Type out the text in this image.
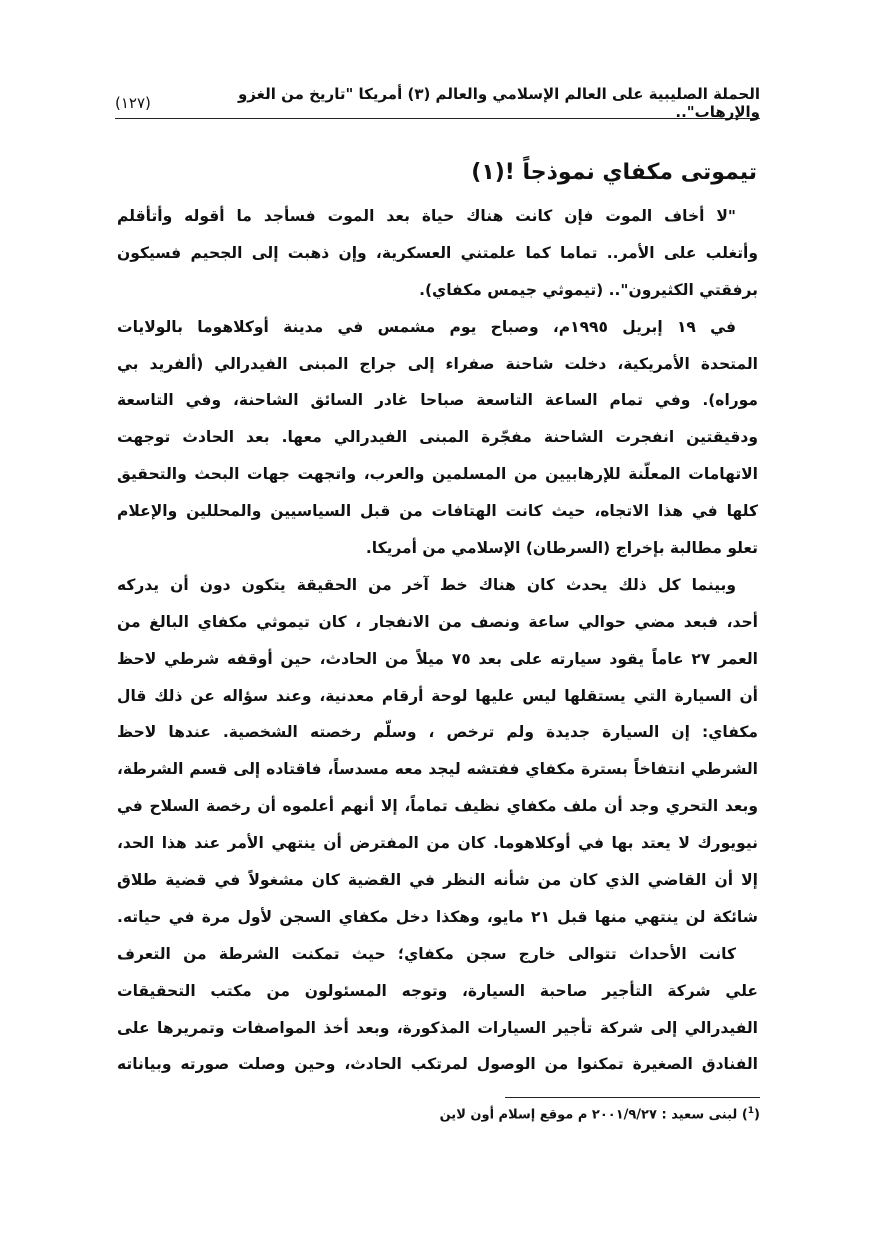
الحملة الصليبية على العالم الإسلامي والعالم (٣) أمريكا "تاريخ من الغزو والإرهاب"..
(١٢٧)
تيموتى مكفاي نموذجاً !(١)
"لا أخاف الموت فإن كانت هناك حياة بعد الموت فسأجد ما أقوله وأتأقلم
وأتغلب على الأمر.. تماما كما علمتني العسكرية، وإن ذهبت إلى الجحيم فسيكون
برفقتي الكثيرون".. (تيموثي جيمس مكفاي).
في ١٩ إبريل ١٩٩٥م، وصباح يوم مشمس في مدينة أوكلاهوما بالولايات
المتحدة الأمريكية، دخلت شاحنة صفراء إلى جراج المبنى الفيدرالي (ألفريد بي
موراه). وفي تمام الساعة التاسعة صباحا غادر السائق الشاحنة، وفي التاسعة
ودقيقتين انفجرت الشاحنة مفجّرة المبنى الفيدرالي معها. بعد الحادث توجهت
الاتهامات المعلّنة للإرهابيين من المسلمين والعرب، واتجهت جهات البحث والتحقيق
كلها في هذا الاتجاه، حيث كانت الهتافات من قبل السياسيين والمحللين والإعلام
تعلو مطالبة بإخراج (السرطان) الإسلامي من أمريكا.
وبينما كل ذلك يحدث كان هناك خط آخر من الحقيقة يتكون دون أن يدركه
أحد، فبعد مضي حوالي ساعة ونصف من الانفجار ، كان تيموثي مكفاي البالغ من
العمر ٢٧ عاماً يقود سيارته على بعد ٧٥ ميلاً من الحادث، حين أوقفه شرطي لاحظ
أن السيارة التي يستقلها ليس عليها لوحة أرقام معدنية، وعند سؤاله عن ذلك قال
مكفاي: إن السيارة جديدة ولم ترخص ، وسلّم رخصته الشخصية. عندها لاحظ
الشرطي انتفاخاً بسترة مكفاي ففتشه ليجد معه مسدساً، فاقتاده إلى قسم الشرطة،
وبعد التحري وجد أن ملف مكفاي نظيف تماماً، إلا أنهم أعلموه أن رخصة السلاح في
نيويورك لا يعتد بها في أوكلاهوما. كان من المفترض أن ينتهي الأمر عند هذا الحد،
إلا أن القاضي الذي كان من شأنه النظر في القضية كان مشغولاً في قضية طلاق
شائكة لن ينتهي منها قبل ٢١ مايو، وهكذا دخل مكفاي السجن لأول مرة في حياته.
كانت الأحداث تتوالى خارج سجن مكفاي؛ حيث تمكنت الشرطة من التعرف
علي شركة التأجير صاحبة السيارة، وتوجه المسئولون من مكتب التحقيقات
الفيدرالي إلى شركة تأجير السيارات المذكورة، وبعد أخذ المواصفات وتمريرها على
الفنادق الصغيرة تمكنوا من الوصول لمرتكب الحادث، وحين وصلت صورته وبياناته
($^1$) لبنى سعيد : ٢٠٠١/٩/٢٧ م موقع إسلام أون لاين
